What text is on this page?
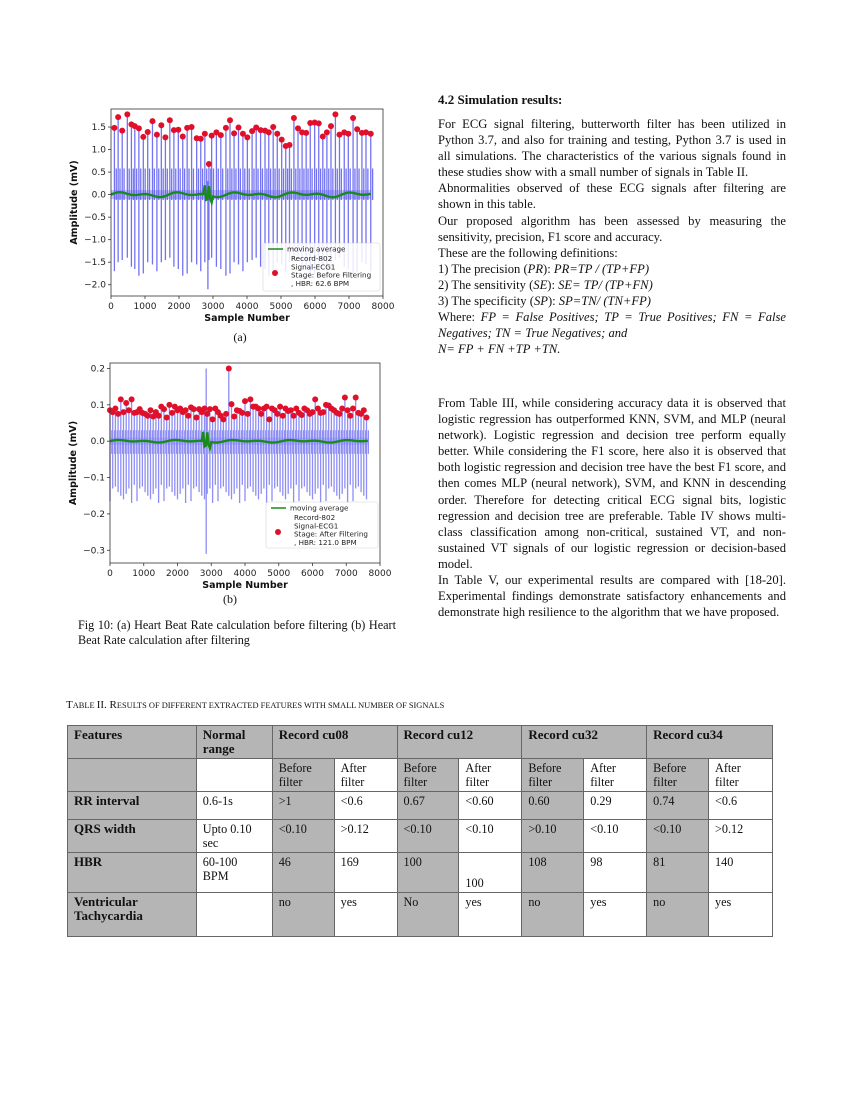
0 1000 2000 3000 4000 5000 6000 7000 8000
1.5
1.0
0.5
0.0
−0.5
−1.0
−1.5
−2.0
Sample Number
Amplitude (mV)
moving average
Record-802
Signal-ECG1
Stage: Before Filtering
, HBR: 62.6 BPM
(a)
0 1000 2000 3000 4000 5000 6000 7000 8000
0.2
0.1
0.0
−0.1
−0.2
−0.3
Sample Number
Amplitude (mV)
moving average
Record-802
Signal-ECG1
Stage: After Filtering
, HBR: 121.0 BPM
(b)
Fig 10: (a) Heart Beat Rate calculation before filtering (b) Heart Beat Rate calculation after filtering
4.2 Simulation results:

For ECG signal filtering, butterworth filter has been utilized in Python 3.7, and also for training and testing, Python 3.7 is used in all simulations. The characteristics of the various signals found in these studies show with a small number of signals in Table II.

Abnormalities observed of these ECG signals after filtering are shown in this table.

Our proposed algorithm has been assessed by measuring the sensitivity, precision, F1 score and accuracy.

These are the following definitions:

1) The precision (PR): PR=TP / (TP+FP)

2) The sensitivity (SE): SE= TP/ (TP+FN)

3) The specificity (SP): SP=TN/ (TN+FP)

Where: FP = False Positives; TP = True Positives; FN = False Negatives; TN = True Negatives; and

N= FP + FN +TP +TN.

From Table III, while considering accuracy data it is observed that logistic regression has outperformed KNN, SVM, and MLP (neural network). Logistic regression and decision tree perform equally better. While considering the F1 score, here also it is observed that both logistic regression and decision tree have the best F1 score, and then comes MLP (neural network), SVM, and KNN in descending order. Therefore for detecting critical ECG signal bits, logistic regression and decision tree are preferable. Table IV shows multi-class classification among non-critical, sustained VT, and non-sustained VT signals of our logistic regression or decision-based model.

In Table V, our experimental results are compared with [18-20]. Experimental findings demonstrate satisfactory enhancements and demonstrate high resilience to the algorithm that we have proposed.

TABLE II. RESULTS OF DIFFERENT EXTRACTED FEATURES WITH SMALL NUMBER OF SIGNALS
Features	Normal range	Record cu08		Record cu12		Record cu32		Record cu34	
		Before filter	After filter	Before filter	After filter	Before filter	After filter	Before filter	After filter
RR interval	0.6-1s	>1	<0.6	0.67	<0.60	0.60	0.29	0.74	<0.6
QRS width	Upto 0.10 sec	<0.10	>0.12	<0.10	<0.10	>0.10	<0.10	<0.10	>0.12
HBR	60-100 BPM	46	169	100	100	108	98	81	140
Ventricular Tachycardia		no	yes	No	yes	no	yes	no	yes
